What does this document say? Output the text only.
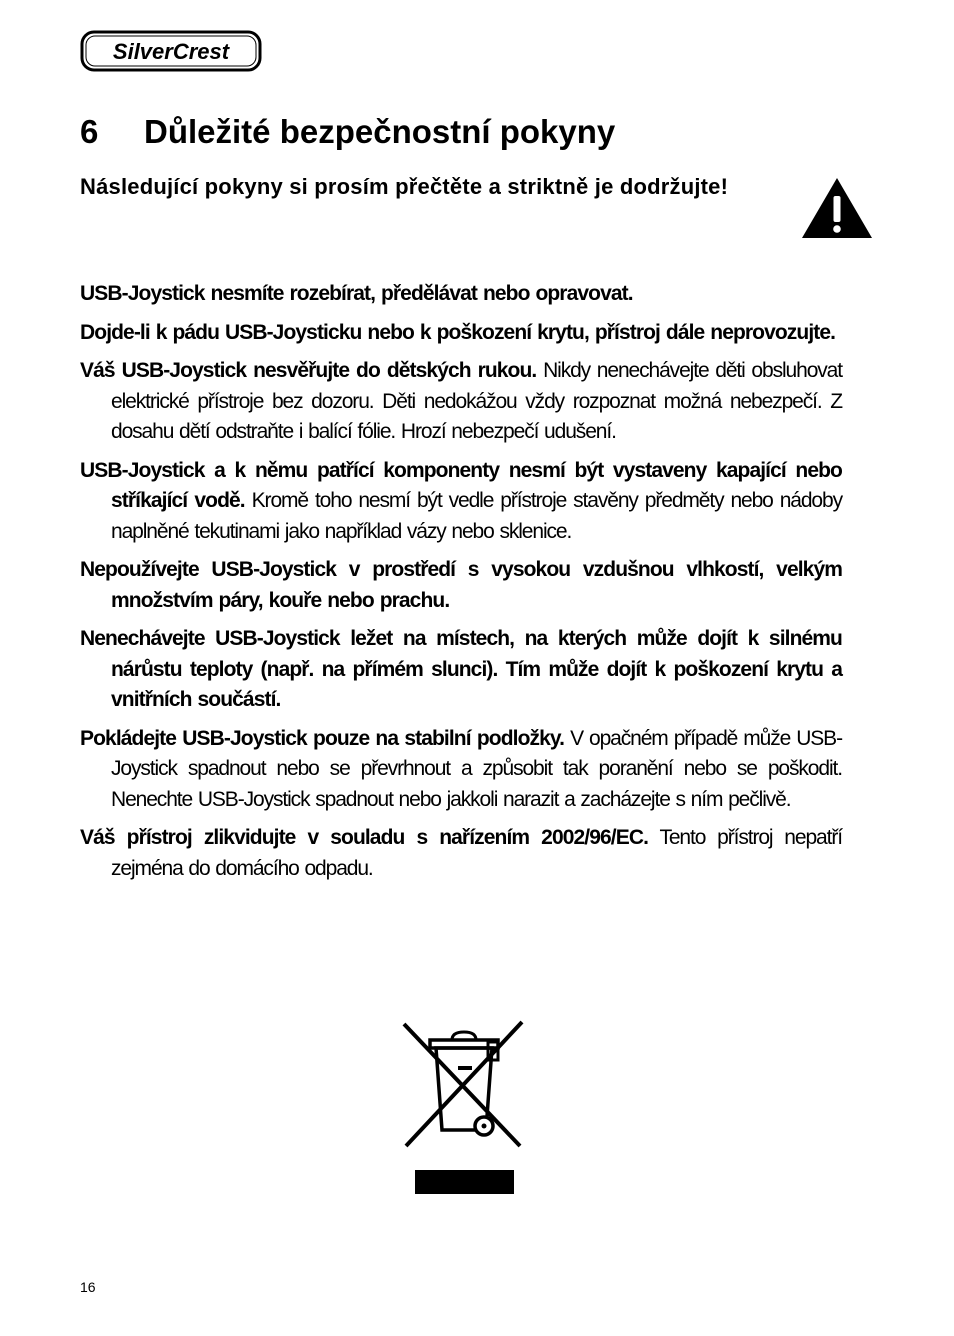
SilverCrest
6 Důležité bezpečnostní pokyny

Následující pokyny si prosím přečtěte a striktně je dodržujte!

USB-Joystick nesmíte rozebírat, předělávat nebo opravovat.

Dojde-li k pádu USB-Joysticku nebo k poškození krytu, přístroj dále neprovozujte.

Váš USB-Joystick nesvěřujte do dětských rukou. Nikdy nenechávejte děti obsluhovat elektrické přístroje bez dozoru. Děti nedokážou vždy rozpoznat možná nebezpečí. Z dosahu dětí odstraňte i balící fólie. Hrozí nebezpečí udušení.

USB-Joystick a k němu patřící komponenty nesmí být vystaveny kapající nebo stříkající vodě. Kromě toho nesmí být vedle přístroje stavěny předměty nebo nádoby naplněné tekutinami jako například vázy nebo sklenice.

Nepoužívejte USB-Joystick v prostředí s vysokou vzdušnou vlhkostí, velkým množstvím páry, kouře nebo prachu.

Nenechávejte USB-Joystick ležet na místech, na kterých může dojít k silnému nárůstu teploty (např. na přímém slunci). Tím může dojít k poškození krytu a vnitřních součástí.

Pokládejte USB-Joystick pouze na stabilní podložky. V opačném případě může USB-Joystick spadnout nebo se převrhnout a způsobit tak poranění nebo se poškodit. Nenechte USB-Joystick spadnout nebo jakkoli narazit a zacházejte s ním pečlivě.

Váš přístroj zlikvidujte v souladu s nařízením 2002/96/EC. Tento přístroj nepatří zejména do domácího odpadu.

16
